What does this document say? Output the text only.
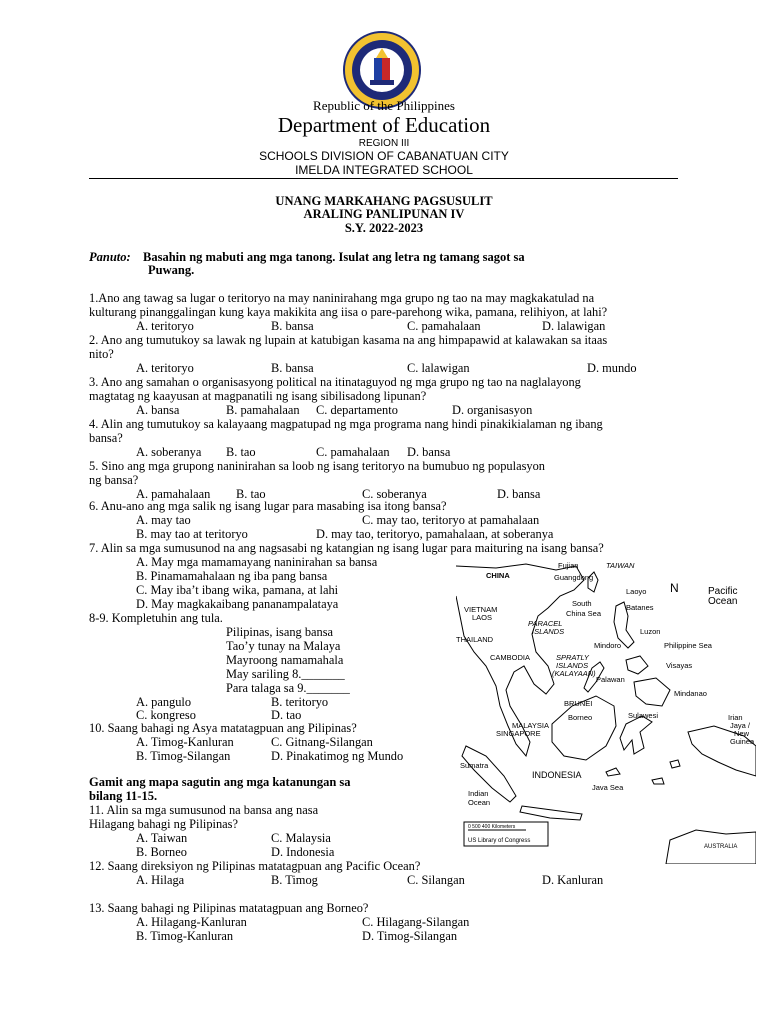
Republic of the Philippines
Department of Education
REGION III
SCHOOLS DIVISION OF CABANATUAN CITY
IMELDA INTEGRATED SCHOOL
UNANG MARKAHANG PAGSUSULIT
ARALING PANLIPUNAN IV
S.Y. 2022-2023
Panuto: Basahin ng mabuti ang mga tanong. Isulat ang letra ng tamang sagot sa
Puwang.
1.Ano ang tawag sa lugar o teritoryo na may naninirahang mga grupo ng tao na may magkakatulad na
kulturang pinanggalingan kung kaya makikita ang iisa o pare-parehong wika, pamana, relihiyon, at lahi?
A. teritoryo	B. bansa	C. pamahalaan	D. lalawigan
2. Ano ang tumutukoy sa lawak ng lupain at katubigan kasama na ang himpapawid at kalawakan sa itaas
nito?
A. teritoryo	B. bansa	C. lalawigan	D. mundo
3. Ano ang samahan o organisasyong political na itinataguyod ng mga grupo ng tao na naglalayong
magtatag ng kaayusan at magpanatili ng isang sibilisadong lipunan?
A. bansa	B. pamahalaan C. departamento	D. organisasyon
4. Alin ang tumutukoy sa kalayaang magpatupad ng mga programa nang hindi pinakikialaman ng ibang
bansa?
A. soberanya B. tao	C. pamahalaan D. bansa
5. Sino ang mga grupong naninirahan sa loob ng isang teritoryo na bumubuo ng populasyon
ng bansa?
A. pamahalaan B. tao	C. soberanya	D. bansa
6. Anu-ano ang mga salik ng isang lugar para masabing isa itong bansa?
A. may tao	C. may tao, teritoryo at pamahalaan
B. may tao at teritoryo	D. may tao, teritoryo, pamahalaan, at soberanya
7. Alin sa mga sumusunod na ang nagsasabi ng katangian ng isang lugar para maituring na isang bansa?
A. May mga mamamayang naninirahan sa bansa
B. Pinamamahalaan ng iba pang bansa
C. May iba’t ibang wika, pamana, at lahi
D. May magkakaibang pananampalataya
8-9. Kompletuhin ang tula.
Pilipinas, isang bansa
Tao’y tunay na Malaya
Mayroong namamahala
May sariling 8._______
Para talaga sa 9._______
A. pangulo	B. teritoryo
C. kongreso	D. tao
10. Saang bahagi ng Asya matatagpuan ang Pilipinas?
A. Timog-Kanluran	C. Gitnang-Silangan
B. Timog-Silangan	D. Pinakatimog ng Mundo
Gamit ang mapa sagutin ang mga katanungan sa
bilang 11-15.
11. Alin sa mga sumusunod na bansa ang nasa
Hilagang bahagi ng Pilipinas?
A. Taiwan	C. Malaysia
B. Borneo	D. Indonesia
12. Saang direksiyon ng Pilipinas matatagpuan ang Pacific Ocean?
A. Hilaga	B. Timog	C. Silangan	D. Kanluran
13. Saang bahagi ng Pilipinas matatagpuan ang Borneo?
A. Hilagang-Kanluran	C. Hilagang-Silangan
B. Timog-Kanluran	D. Timog-Silangan
CHINA
Fujian	TAIWAN
Guangdong
Laoyo
South
China Sea
Batanes
VIETNAM
LAOS
PARACEL
ISLANDS	Luzon
Pacific
Ocean
N
THAILAND
CAMBODIA	SPRATLY
ISLANDS
(KALAYAAN)
Mindoro	Philippine Sea
Visayas
Palawan
BRUNEI
Mindanao
MALAYSIA
SINGAPORE
Borneo	Sulawesi	Irian
Jaya /
New
Guinea
Sumatra
INDONESIA
Java Sea
Indian
Ocean
0 500 400 Kilometers
US Library of Congress
AUSTRALIA
